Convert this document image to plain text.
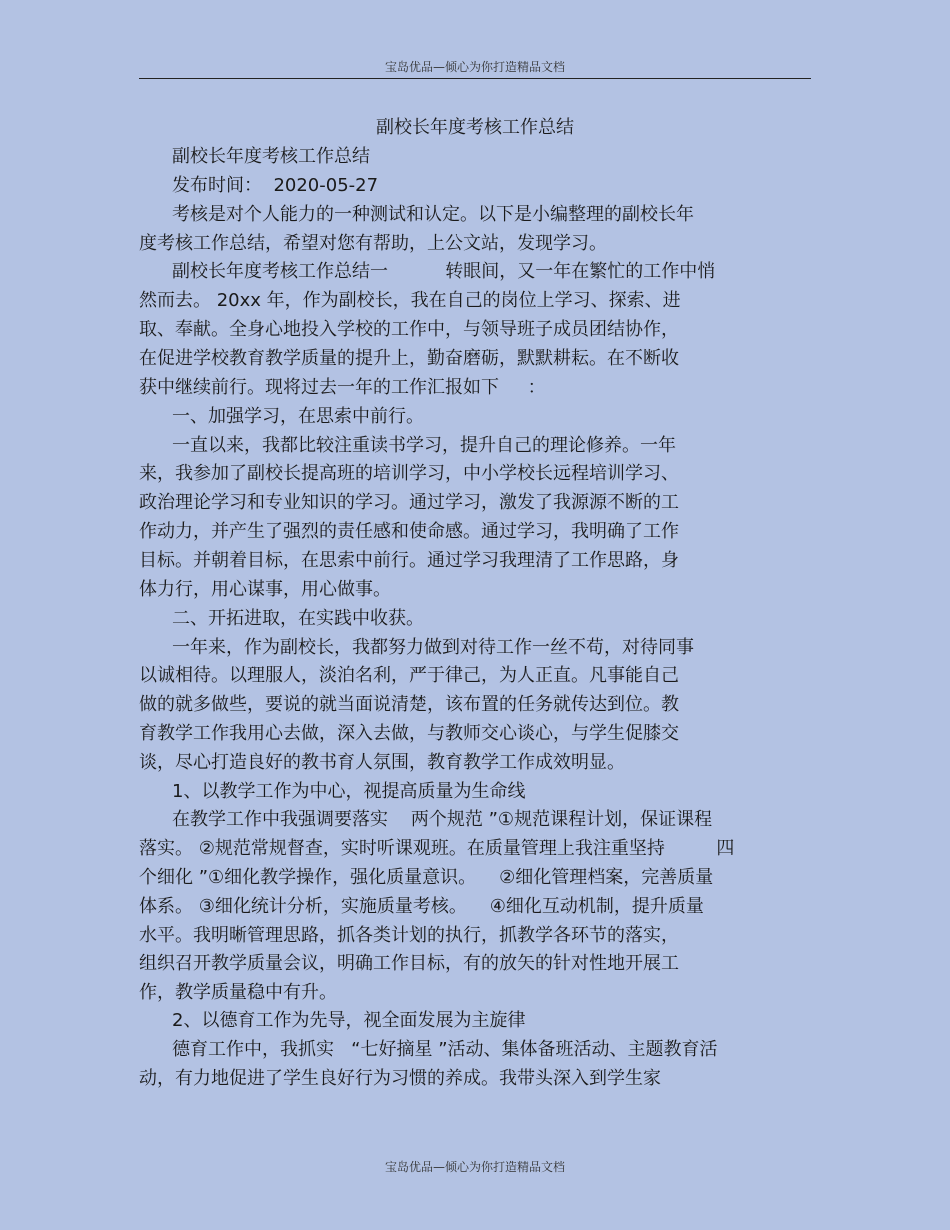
宝岛优品—倾心为你打造精品文档
副校长年度考核工作总结
副校长年度考核工作总结
发布时间：  2020-05-27
考核是对个人能力的一种测试和认定。以下是小编整理的副校长年
度考核工作总结，希望对您有帮助，上公文站，发现学习。
副校长年度考核工作总结一          转眼间，又一年在繁忙的工作中悄
然而去。 20xx 年，作为副校长，我在自己的岗位上学习、探索、进
取、奉献。全身心地投入学校的工作中，与领导班子成员团结协作，
在促进学校教育教学质量的提升上，勤奋磨砺，默默耕耘。在不断收
获中继续前行。现将过去一年的工作汇报如下     ：
一、加强学习，在思索中前行。
一直以来，我都比较注重读书学习，提升自己的理论修养。一年
来，我参加了副校长提高班的培训学习，中小学校长远程培训学习、
政治理论学习和专业知识的学习。通过学习，激发了我源源不断的工
作动力，并产生了强烈的责任感和使命感。通过学习，我明确了工作
目标。并朝着目标，在思索中前行。通过学习我理清了工作思路，身
体力行，用心谋事，用心做事。
二、开拓进取，在实践中收获。
一年来，作为副校长，我都努力做到对待工作一丝不苟，对待同事
以诚相待。以理服人，淡泊名利，严于律己，为人正直。凡事能自己
做的就多做些，要说的就当面说清楚，该布置的任务就传达到位。教
育教学工作我用心去做，深入去做，与教师交心谈心，与学生促膝交
谈，尽心打造良好的教书育人氛围，教育教学工作成效明显。
1、以教学工作为中心，视提高质量为生命线
在教学工作中我强调要落实    两个规范 ”①规范课程计划，保证课程
落实。 ②规范常规督查，实时听课观班。在质量管理上我注重坚持         四
个细化 ”①细化教学操作，强化质量意识。    ②细化管理档案，完善质量
体系。 ③细化统计分析，实施质量考核。    ④细化互动机制，提升质量
水平。我明晰管理思路，抓各类计划的执行，抓教学各环节的落实，
组织召开教学质量会议，明确工作目标，有的放矢的针对性地开展工
作，教学质量稳中有升。
2、以德育工作为先导，视全面发展为主旋律
德育工作中，我抓实   “七好摘星 ”活动、集体备班活动、主题教育活
动，有力地促进了学生良好行为习惯的养成。我带头深入到学生家
宝岛优品—倾心为你打造精品文档
